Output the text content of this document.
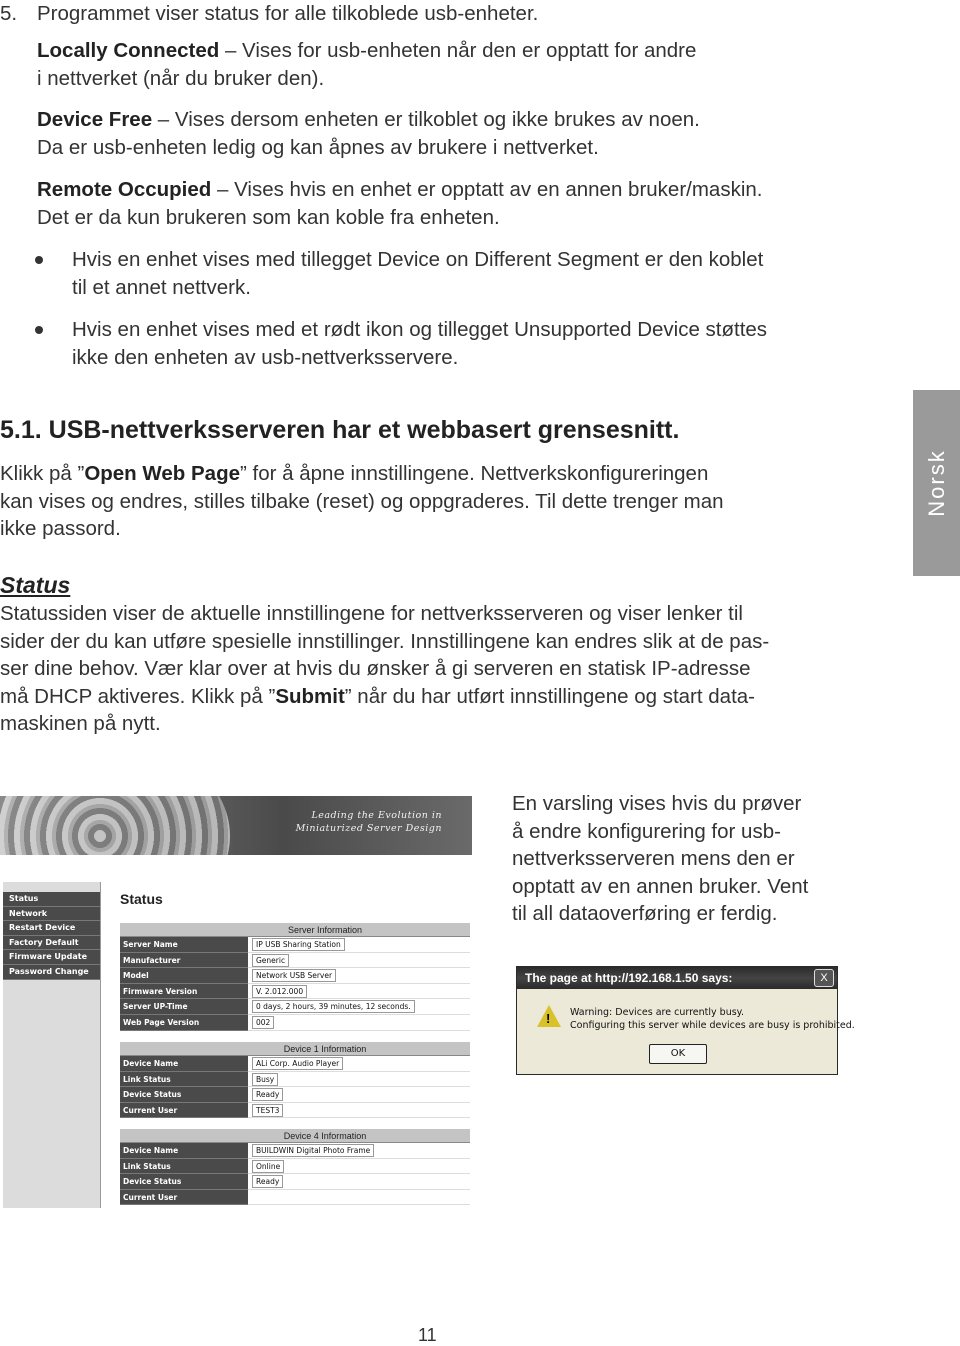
5. Programmet viser status for alle tilkoblede usb-enheter.
Locally Connected – Vises for usb-enheten når den er opptatt for andre
i nettverket (når du bruker den).
Device Free – Vises dersom enheten er tilkoblet og ikke brukes av noen.
Da er usb-enheten ledig og kan åpnes av brukere i nettverket.
Remote Occupied – Vises hvis en enhet er opptatt av en annen bruker/maskin.
Det er da kun brukeren som kan koble fra enheten.
Hvis en enhet vises med tillegget Device on Different Segment er den koblet
til et annet nettverk.
Hvis en enhet vises med et rødt ikon og tillegget Unsupported Device støttes
ikke den enheten av usb-nettverksservere.
5.1. USB-nettverksserveren har et webbasert grensesnitt.
Klikk på ”Open Web Page” for å åpne innstillingene. Nettverkskonfigureringen
kan vises og endres, stilles tilbake (reset) og oppgraderes. Til dette trenger man
ikke passord.
Norsk
Status
Statussiden viser de aktuelle innstillingene for nettverksserveren og viser lenker til
sider der du kan utføre spesielle innstillinger. Innstillingene kan endres slik at de pas-
ser dine behov. Vær klar over at hvis du ønsker å gi serveren en statisk IP-adresse
må DHCP aktiveres. Klikk på ”Submit” når du har utført innstillingene og start data-
maskinen på nytt.
Leading the Evolution in
Miniaturized Server Design
Status
Network
Restart Device
Factory Default
Firmware Update
Password Change
Status
Server Information
Server Name	IP USB Sharing Station
Manufacturer	Generic
Model	Network USB Server
Firmware Version	V. 2.012.000
Server UP-Time	0 days, 2 hours, 39 minutes, 12 seconds.
Web Page Version	002
Device 1 Information
Device Name	ALi Corp. Audio Player
Link Status	Busy
Device Status	Ready
Current User	TEST3
Device 4 Information
Device Name	BUILDWIN Digital Photo Frame
Link Status	Online
Device Status	Ready
Current User
En varsling vises hvis du prøver
å endre konfigurering for usb-
nettverksserveren mens den er
opptatt av en annen bruker. Vent
til all dataoverføring er ferdig.
The page at http://192.168.1.50 says:	X
! Warning: Devices are currently busy.
Configuring this server while devices are busy is prohibited.
OK
11
